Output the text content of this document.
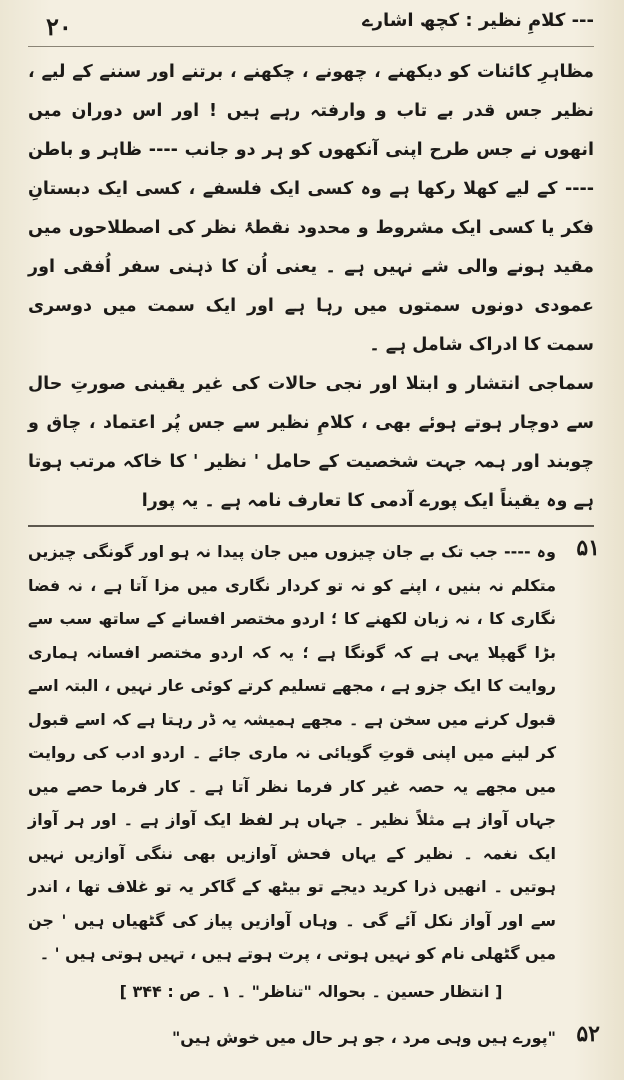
۲۰	--- کلامِ نظیر : کچھ اشارے

مظاہرِ کائنات کو دیکھنے ، چھونے ، چکھنے ، برتنے اور سننے کے لیے ، نظیر جس قدر بے تاب و وارفتہ رہے ہیں ! اور اس دوران میں انھوں نے جس طرح اپنی آنکھوں کو ہر دو جانب ---- ظاہر و باطن ---- کے لیے کھلا رکھا ہے وہ کسی ایک فلسفے ، کسی ایک دبستانِ فکر یا کسی ایک مشروط و محدود نقطۂ نظر کی اصطلاحوں میں مقید ہونے والی شے نہیں ہے ۔ یعنی اُن کا ذہنی سفر اُفقی اور عمودی دونوں سمتوں میں رہا ہے اور ایک سمت میں دوسری سمت کا ادراک شامل ہے ۔

سماجی انتشار و ابتلا اور نجی حالات کی غیر یقینی صورتِ حال سے دوچار ہوتے ہوئے بھی ، کلامِ نظیر سے جس پُر اعتماد ، چاق و چوبند اور ہمہ جہت شخصیت کے حامل ' نظیر ' کا خاکہ مرتب ہوتا ہے وہ یقیناً ایک پورے آدمی کا تعارف نامہ ہے ۔ یہ پورا

۵۱

وہ ---- جب تک بے جان چیزوں میں جان پیدا نہ ہو اور گونگی چیزیں متکلم نہ بنیں ، اپنے کو نہ تو کردار نگاری میں مزا آتا ہے ، نہ فضا نگاری کا ، نہ زبان لکھنے کا ؛ اردو مختصر افسانے کے ساتھ سب سے بڑا گھپلا یہی ہے کہ گونگا ہے ؛ یہ کہ اردو مختصر افسانہ ہماری روایت کا ایک جزو ہے ، مجھے تسلیم کرتے کوئی عار نہیں ، البتہ اسے قبول کرنے میں سخن ہے ۔ مجھے ہمیشہ یہ ڈر رہتا ہے کہ اسے قبول کر لینے میں اپنی قوتِ گویائی نہ ماری جائے ۔ اردو ادب کی روایت میں مجھے یہ حصہ غیر کار فرما نظر آتا ہے ۔ کار فرما حصے میں جہاں آواز ہے مثلاً نظیر ۔ جہاں ہر لفظ ایک آواز ہے ۔ اور ہر آواز ایک نغمہ ۔ نظیر کے یہاں فحش آوازیں بھی ننگی آوازیں نہیں ہوتیں ۔ انھیں ذرا کرید دیجے تو بیٹھ کے گاکر یہ تو غلاف تھا ، اندر سے اور آواز نکل آئے گی ۔ وہاں آوازیں پیاز کی گٹھیاں ہیں ' جن میں گٹھلی نام کو نہیں ہوتی ، پرت ہوتے ہیں ، تہیں ہوتی ہیں ' ۔

[ انتظار حسین ۔ بحوالہ "تناظر" ۔ ۱ ۔ ص : ۳۴۴ ]

۵۲

"پورے ہیں وہی مرد ، جو ہر حال میں خوش ہیں"
